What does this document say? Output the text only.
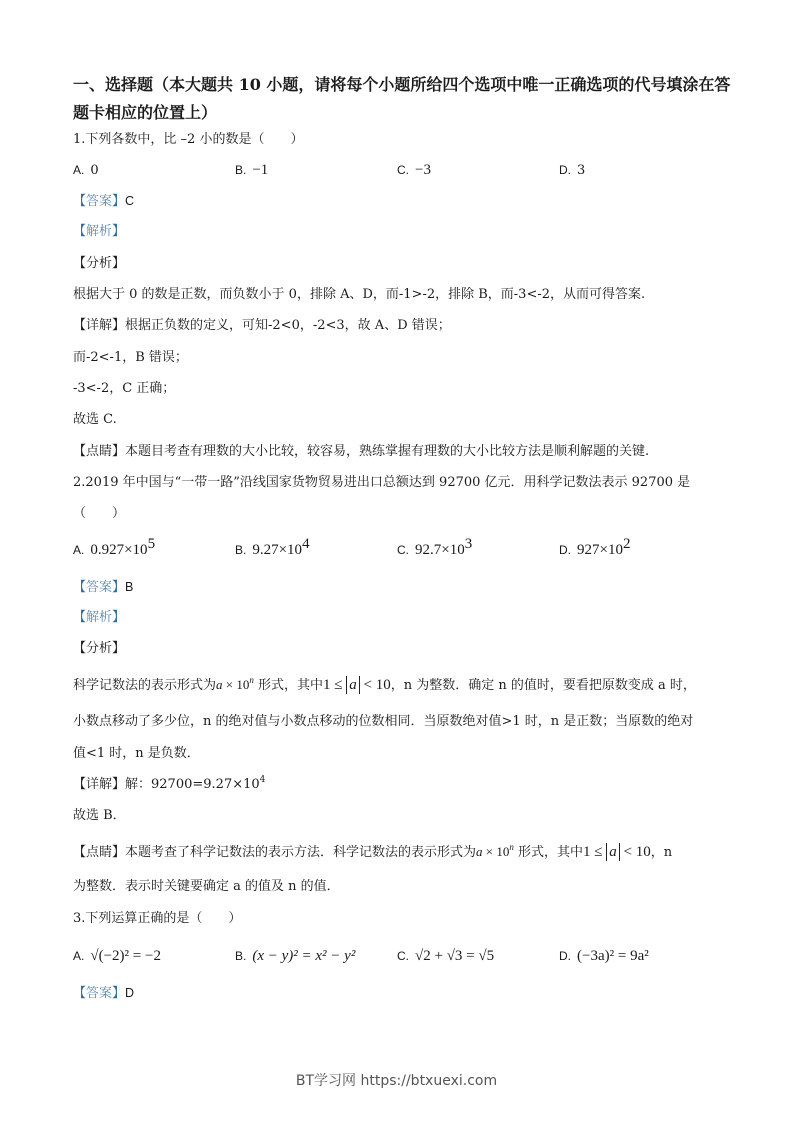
一、选择题（本大题共 10 小题，请将每个小题所给四个选项中唯一正确选项的代号填涂在答
题卡相应的位置上）
1.下列各数中，比 –2 小的数是（　　）
A. 0	B. −1	C. −3	D. 3
【答案】C
【解析】
【分析】
根据大于 0 的数是正数，而负数小于 0，排除 A、D，而-1>-2，排除 B，而-3<-2，从而可得答案.
【详解】根据正负数的定义，可知-2<0，-2<3，故 A、D 错误；
而-2<-1，B 错误；
-3<-2，C 正确；
故选 C.
【点睛】本题目考查有理数的大小比较，较容易，熟练掌握有理数的大小比较方法是顺利解题的关键.
2.2019 年中国与“一带一路”沿线国家货物贸易进出口总额达到 92700 亿元．用科学记数法表示 92700 是
（　　）
A. $0.927\times 10^5$	B. $9.27\times 10^4$	C. $92.7\times 10^3$	D. $927\times 10^2$
【答案】B
【解析】
【分析】
科学记数法的表示形式为$a \times 10^n$ 形式，其中1 ≤ a < 10，n 为整数．确定 n 的值时，要看把原数变成 a 时，
小数点移动了多少位，n 的绝对值与小数点移动的位数相同．当原数绝对值>1 时，n 是正数；当原数的绝对
值<1 时，n 是负数．
【详解】解：$92700=9.27\times 10^4$
故选 B．
【点睛】本题考查了科学记数法的表示方法．科学记数法的表示形式为$a \times 10^n$ 形式，其中1 ≤ a < 10，n
为整数．表示时关键要确定 a 的值及 n 的值．
3.下列运算正确的是（　　）
A. √(−2)² = −2	B. (x − y)² = x² − y²	C. √2 + √3 = √5	D. (−3a)² = 9a²
【答案】D
BT学习网 https://btxuexi.com
